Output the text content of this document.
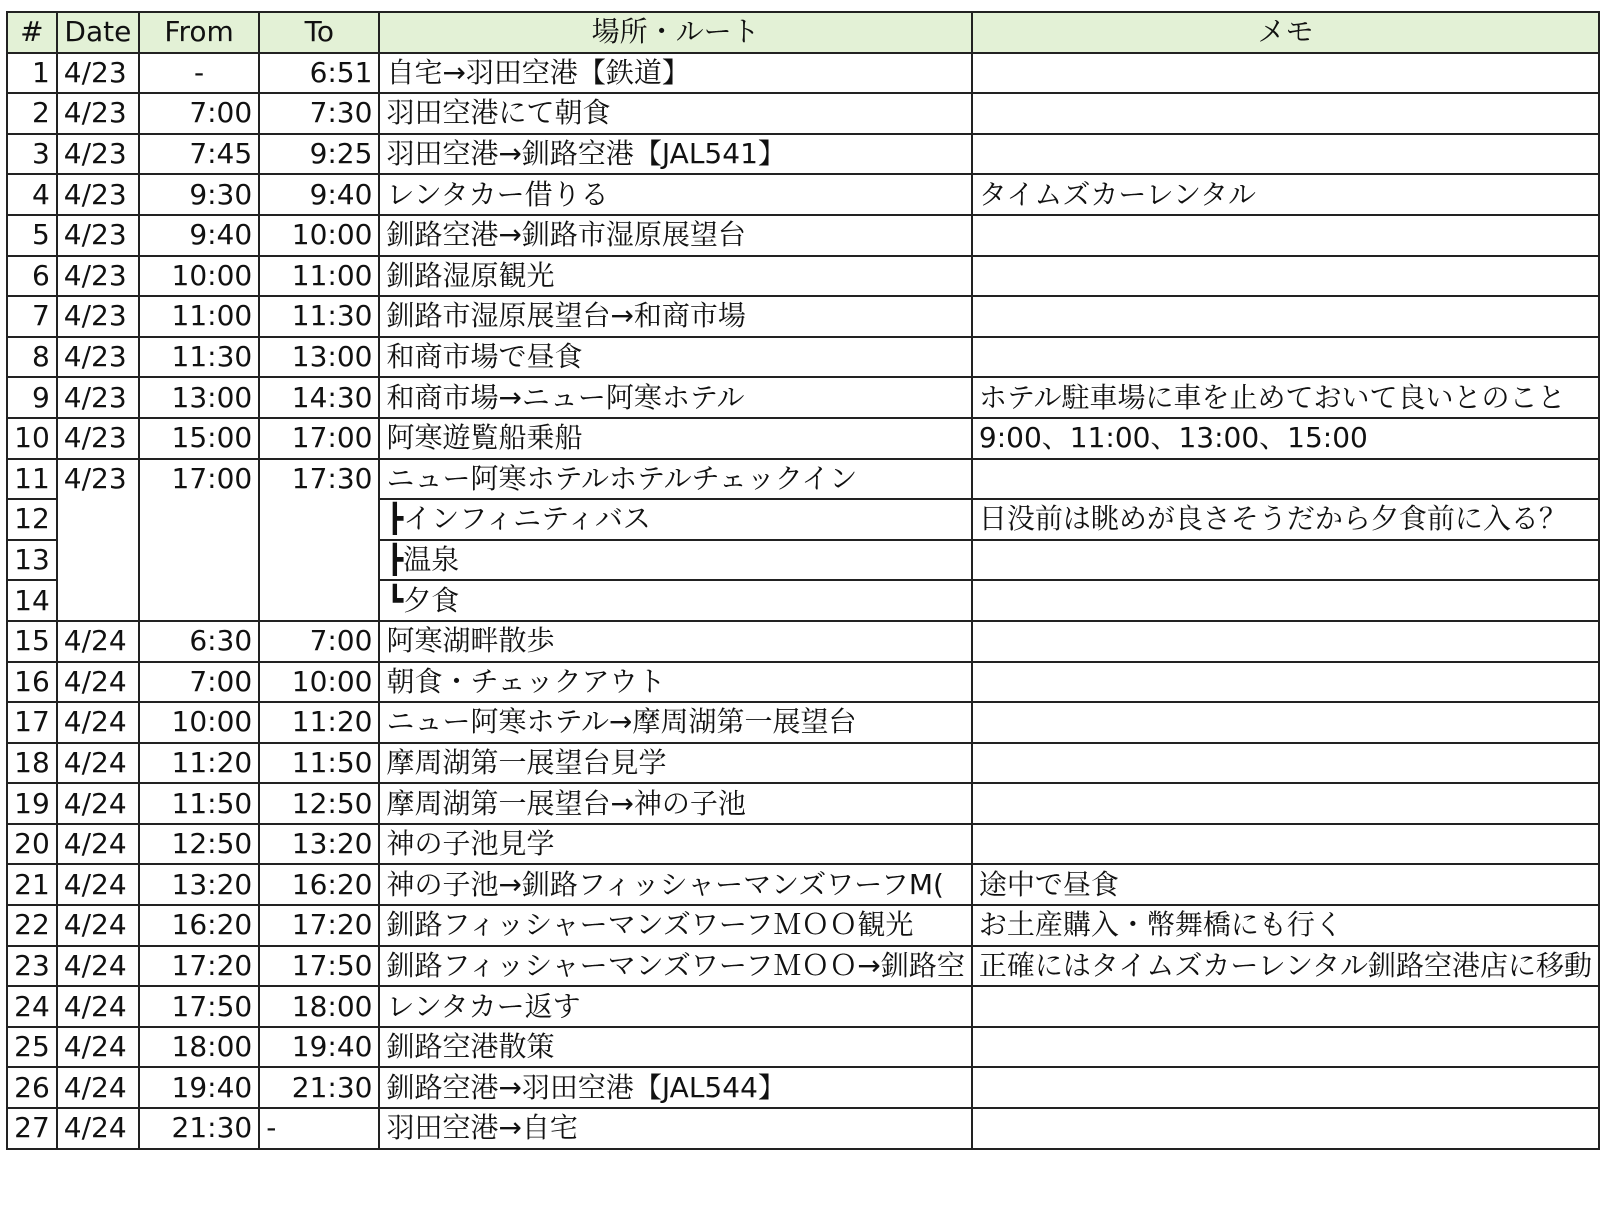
#	Date	From	To	場所・ルート	メモ
1	4/23	-	6:51	自宅→羽田空港【鉄道】	
2	4/23	7:00	7:30	羽田空港にて朝食	
3	4/23	7:45	9:25	羽田空港→釧路空港【JAL541】	
4	4/23	9:30	9:40	レンタカー借りる	タイムズカーレンタル
5	4/23	9:40	10:00	釧路空港→釧路市湿原展望台	
6	4/23	10:00	11:00	釧路湿原観光	
7	4/23	11:00	11:30	釧路市湿原展望台→和商市場	
8	4/23	11:30	13:00	和商市場で昼食	
9	4/23	13:00	14:30	和商市場→ニュー阿寒ホテル	ホテル駐車場に車を止めておいて良いとのこと
10	4/23	15:00	17:00	阿寒遊覧船乗船	9:00、11:00、13:00、15:00
11	4/23	17:00	17:30	ニュー阿寒ホテルホテルチェックイン	
12				┣インフィニティバス	日没前は眺めが良さそうだから夕食前に入る？
13				┣温泉	
14				┗夕食	
15	4/24	6:30	7:00	阿寒湖畔散歩	
16	4/24	7:00	10:00	朝食・チェックアウト	
17	4/24	10:00	11:20	ニュー阿寒ホテル→摩周湖第一展望台	
18	4/24	11:20	11:50	摩周湖第一展望台見学	
19	4/24	11:50	12:50	摩周湖第一展望台→神の子池	
20	4/24	12:50	13:20	神の子池見学	
21	4/24	13:20	16:20	神の子池→釧路フィッシャーマンズワーフM(	途中で昼食
22	4/24	16:20	17:20	釧路フィッシャーマンズワーフＭＯＯ観光	お土産購入・幣舞橋にも行く
23	4/24	17:20	17:50	釧路フィッシャーマンズワーフＭＯＯ→釧路空	正確にはタイムズカーレンタル釧路空港店に移動
24	4/24	17:50	18:00	レンタカー返す	
25	4/24	18:00	19:40	釧路空港散策	
26	4/24	19:40	21:30	釧路空港→羽田空港【JAL544】	
27	4/24	21:30	-	羽田空港→自宅	
